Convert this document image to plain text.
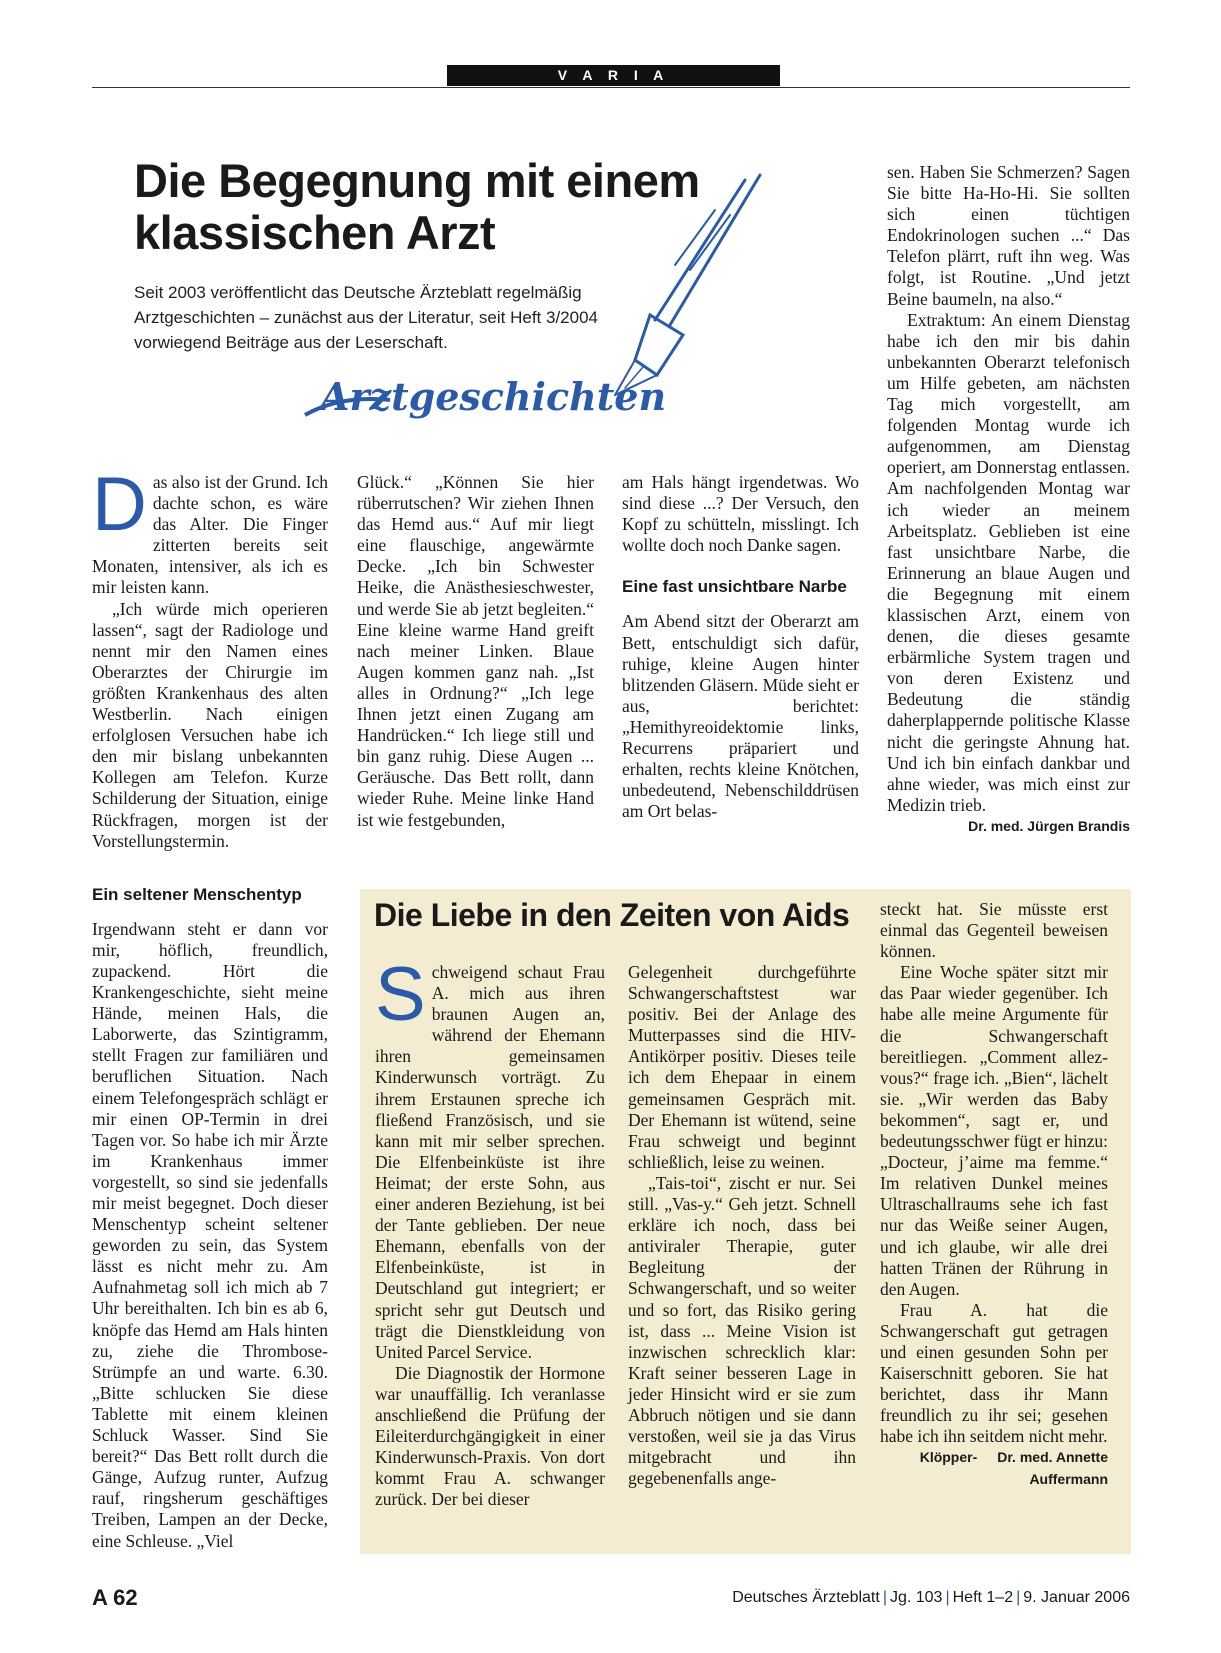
V A R I A
Die Begegnung mit einem
klassischen Arzt

Seit 2003 veröffentlicht das Deutsche Ärzteblatt regelmäßig Arztgeschichten – zunächst aus der Literatur, seit Heft 3/2004 vorwiegend Beiträge aus der Leserschaft.

Arztgeschichten

Das also ist der Grund. Ich dachte schon, es wäre das Alter. Die Finger zitterten bereits seit Monaten, intensiver, als ich es mir leisten kann.

„Ich würde mich operieren lassen“, sagt der Radiologe und nennt mir den Namen eines Oberarztes der Chirurgie im größten Krankenhaus des alten Westberlin. Nach einigen erfolglosen Versuchen habe ich den mir bislang unbekannten Kollegen am Telefon. Kurze Schilderung der Situation, einige Rückfragen, morgen ist der Vorstellungstermin.

Ein seltener Menschentyp

Irgendwann steht er dann vor mir, höflich, freundlich, zupackend. Hört die Krankengeschichte, sieht meine Hände, meinen Hals, die Laborwerte, das Szintigramm, stellt Fragen zur familiären und beruflichen Situation. Nach einem Telefongespräch schlägt er mir einen OP-Termin in drei Tagen vor. So habe ich mir Ärzte im Krankenhaus immer vorgestellt, so sind sie jedenfalls mir meist begegnet. Doch dieser Menschentyp scheint seltener geworden zu sein, das System lässt es nicht mehr zu. Am Aufnahmetag soll ich mich ab 7 Uhr bereithalten. Ich bin es ab 6, knöpfe das Hemd am Hals hinten zu, ziehe die Thrombose-Strümpfe an und warte. 6.30. „Bitte schlucken Sie diese Tablette mit einem kleinen Schluck Wasser. Sind Sie bereit?“ Das Bett rollt durch die Gänge, Aufzug runter, Aufzug rauf, ringsherum geschäftiges Treiben, Lampen an der Decke, eine Schleuse. „Viel

Glück.“ „Können Sie hier rüberrutschen? Wir ziehen Ihnen das Hemd aus.“ Auf mir liegt eine flauschige, angewärmte Decke. „Ich bin Schwester Heike, die Anästhesieschwester, und werde Sie ab jetzt begleiten.“ Eine kleine warme Hand greift nach meiner Linken. Blaue Augen kommen ganz nah. „Ist alles in Ordnung?“ „Ich lege Ihnen jetzt einen Zugang am Handrücken.“ Ich liege still und bin ganz ruhig. Diese Augen ... Geräusche. Das Bett rollt, dann wieder Ruhe. Meine linke Hand ist wie festgebunden,

am Hals hängt irgendetwas. Wo sind diese ...? Der Versuch, den Kopf zu schütteln, misslingt. Ich wollte doch noch Danke sagen.

Eine fast unsichtbare Narbe

Am Abend sitzt der Oberarzt am Bett, entschuldigt sich dafür, ruhige, kleine Augen hinter blitzenden Gläsern. Müde sieht er aus, berichtet: „Hemithyreoidektomie links, Recurrens präpariert und erhalten, rechts kleine Knötchen, unbedeutend, Nebenschilddrüsen am Ort belas-

sen. Haben Sie Schmerzen? Sagen Sie bitte Ha-Ho-Hi. Sie sollten sich einen tüchtigen Endokrinologen suchen ...“ Das Telefon plärrt, ruft ihn weg. Was folgt, ist Routine. „Und jetzt Beine baumeln, na also.“

Extraktum: An einem Dienstag habe ich den mir bis dahin unbekannten Oberarzt telefonisch um Hilfe gebeten, am nächsten Tag mich vorgestellt, am folgenden Montag wurde ich aufgenommen, am Dienstag operiert, am Donnerstag entlassen. Am nachfolgenden Montag war ich wieder an meinem Arbeitsplatz. Geblieben ist eine fast unsichtbare Narbe, die Erinnerung an blaue Augen und die Begegnung mit einem klassischen Arzt, einem von denen, die dieses gesamte erbärmliche System tragen und von deren Existenz und Bedeutung die ständig daherplappernde politische Klasse nicht die geringste Ahnung hat. Und ich bin einfach dankbar und ahne wieder, was mich einst zur Medizin trieb.
Dr. med. Jürgen Brandis

Die Liebe in den Zeiten von Aids

Schweigend schaut Frau A. mich aus ihren braunen Augen an, während der Ehemann ihren gemeinsamen Kinderwunsch vorträgt. Zu ihrem Erstaunen spreche ich fließend Französisch, und sie kann mit mir selber sprechen. Die Elfenbeinküste ist ihre Heimat; der erste Sohn, aus einer anderen Beziehung, ist bei der Tante geblieben. Der neue Ehemann, ebenfalls von der Elfenbeinküste, ist in Deutschland gut integriert; er spricht sehr gut Deutsch und trägt die Dienstkleidung von United Parcel Service.

Die Diagnostik der Hormone war unauffällig. Ich veranlasse anschließend die Prüfung der Eileiterdurchgängigkeit in einer Kinderwunsch-Praxis. Von dort kommt Frau A. schwanger zurück. Der bei dieser

Gelegenheit durchgeführte Schwangerschaftstest war positiv. Bei der Anlage des Mutterpasses sind die HIV-Antikörper positiv. Dieses teile ich dem Ehepaar in einem gemeinsamen Gespräch mit. Der Ehemann ist wütend, seine Frau schweigt und beginnt schließlich, leise zu weinen.

„Tais-toi“, zischt er nur. Sei still. „Vas-y.“ Geh jetzt. Schnell erkläre ich noch, dass bei antiviraler Therapie, guter Begleitung der Schwangerschaft, und so weiter und so fort, das Risiko gering ist, dass ... Meine Vision ist inzwischen schrecklich klar: Kraft seiner besseren Lage in jeder Hinsicht wird er sie zum Abbruch nötigen und sie dann verstoßen, weil sie ja das Virus mitgebracht und ihn gegebenenfalls ange-

steckt hat. Sie müsste erst einmal das Gegenteil beweisen können.

Eine Woche später sitzt mir das Paar wieder gegenüber. Ich habe alle meine Argumente für die Schwangerschaft bereitliegen. „Comment allez-vous?“ frage ich. „Bien“, lächelt sie. „Wir werden das Baby bekommen“, sagt er, und bedeutungsschwer fügt er hinzu: „Docteur, j’aime ma femme.“ Im relativen Dunkel meines Ultraschallraums sehe ich fast nur das Weiße seiner Augen, und ich glaube, wir alle drei hatten Tränen der Rührung in den Augen.

Frau A. hat die Schwangerschaft gut getragen und einen gesunden Sohn per Kaiserschnitt geboren. Sie hat berichtet, dass ihr Mann freundlich zu ihr sei; gesehen habe ich ihn seitdem nicht mehr.
Dr. med. Annette

Klöpper-Auffermann
A 62	Deutsches Ärzteblatt | Jg. 103 | Heft 1–2 | 9. Januar 2006
